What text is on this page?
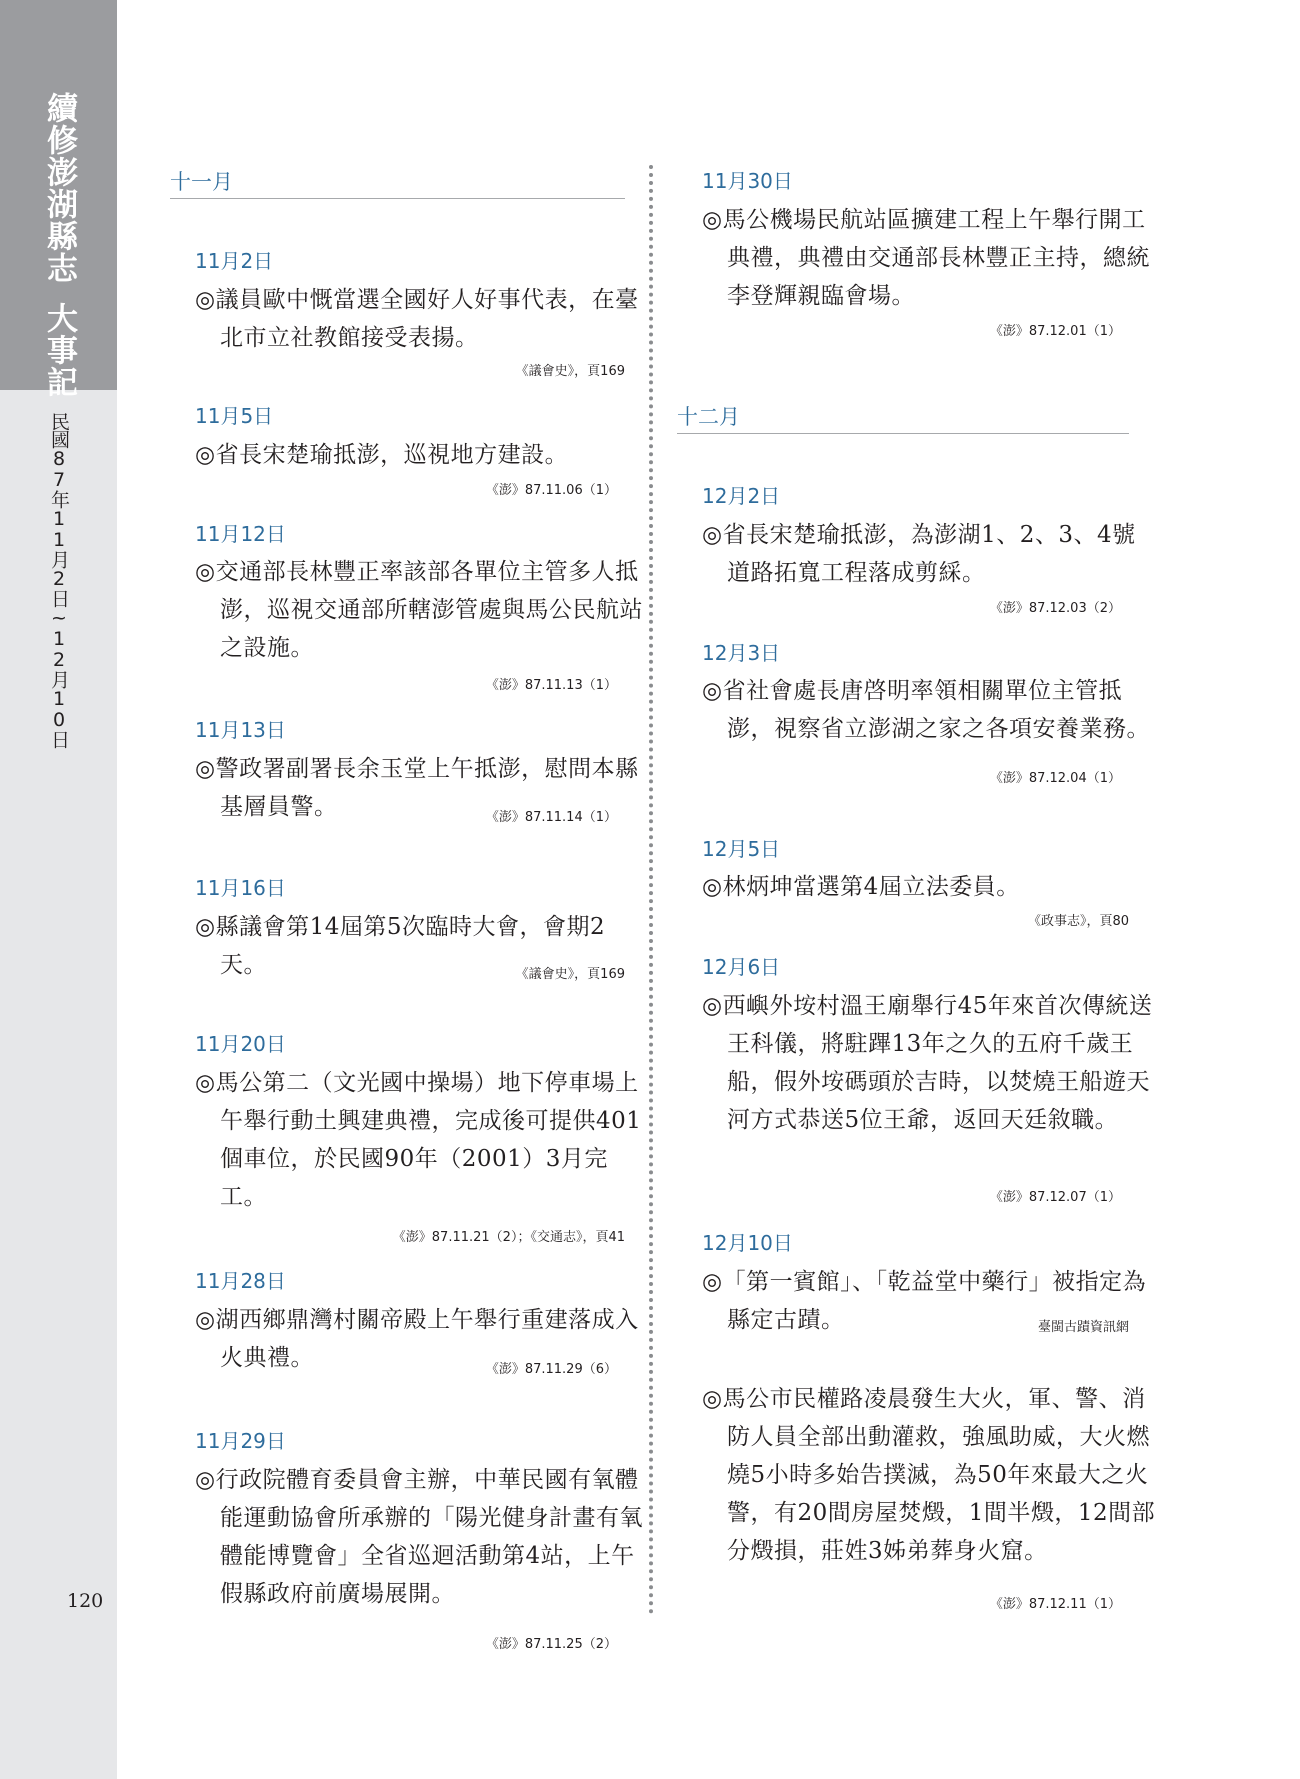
續修澎湖縣志大事記
民國87年11月2日~12月10日
120
十一月
11月2日
◎議員歐中慨當選全國好人好事代表，在臺北市立社教館接受表揚。
《議會史》，頁169
11月5日
◎省長宋楚瑜抵澎，巡視地方建設。
《澎》87.11.06（1）
11月12日
◎交通部長林豐正率該部各單位主管多人抵澎，巡視交通部所轄澎管處與馬公民航站之設施。
《澎》87.11.13（1）
11月13日
◎警政署副署長余玉堂上午抵澎，慰問本縣基層員警。	《澎》87.11.14（1）
11月16日
◎縣議會第14屆第5次臨時大會，會期2天。	《議會史》，頁169
11月20日
◎馬公第二（文光國中操場）地下停車場上午舉行動土興建典禮，完成後可提供401個車位，於民國90年（2001）3月完工。
《澎》87.11.21（2）；《交通志》，頁41
11月28日
◎湖西鄉鼎灣村關帝殿上午舉行重建落成入火典禮。	《澎》87.11.29（6）
11月29日
◎行政院體育委員會主辦，中華民國有氧體能運動協會所承辦的「陽光健身計畫有氧體能博覽會」全省巡迴活動第4站，上午假縣政府前廣場展開。
《澎》87.11.25（2）
11月30日
◎馬公機場民航站區擴建工程上午舉行開工典禮，典禮由交通部長林豐正主持，總統李登輝親臨會場。
《澎》87.12.01（1）
十二月
12月2日
◎省長宋楚瑜抵澎，為澎湖1、2、3、4號道路拓寬工程落成剪綵。
《澎》87.12.03（2）
12月3日
◎省社會處長唐啓明率領相關單位主管抵澎，視察省立澎湖之家之各項安養業務。
《澎》87.12.04（1）
12月5日
◎林炳坤當選第4屆立法委員。
《政事志》，頁80
12月6日
◎西嶼外垵村溫王廟舉行45年來首次傳統送王科儀，將駐蹕13年之久的五府千歲王船，假外垵碼頭於吉時，以焚燒王船遊天河方式恭送5位王爺，返回天廷敘職。
《澎》87.12.07（1）
12月10日
◎「第一賓館」、「乾益堂中藥行」被指定為縣定古蹟。	臺閩古蹟資訊網
◎馬公市民權路凌晨發生大火，軍、警、消防人員全部出動灌救，強風助威，大火燃燒5小時多始告撲滅，為50年來最大之火警，有20間房屋焚燬，1間半燬，12間部分燬損，莊姓3姊弟葬身火窟。
《澎》87.12.11（1）
